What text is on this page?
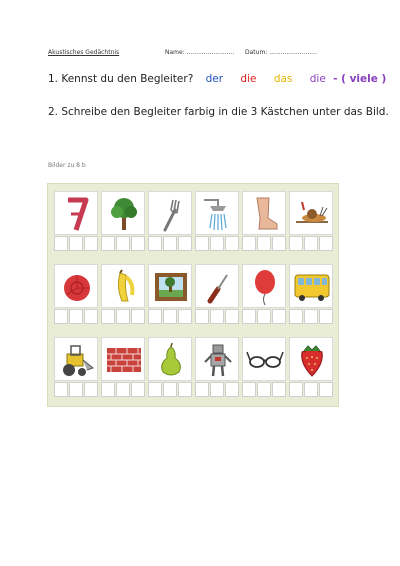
Akustisches Gedächtnis	Name: ......................... Datum: .........................
1. Kennst du den Begleiter? der die das die - ( viele )
2. Schreibe den Begleiter farbig in die 3 Kästchen unter das Bild.
Bilder zu 8 b
